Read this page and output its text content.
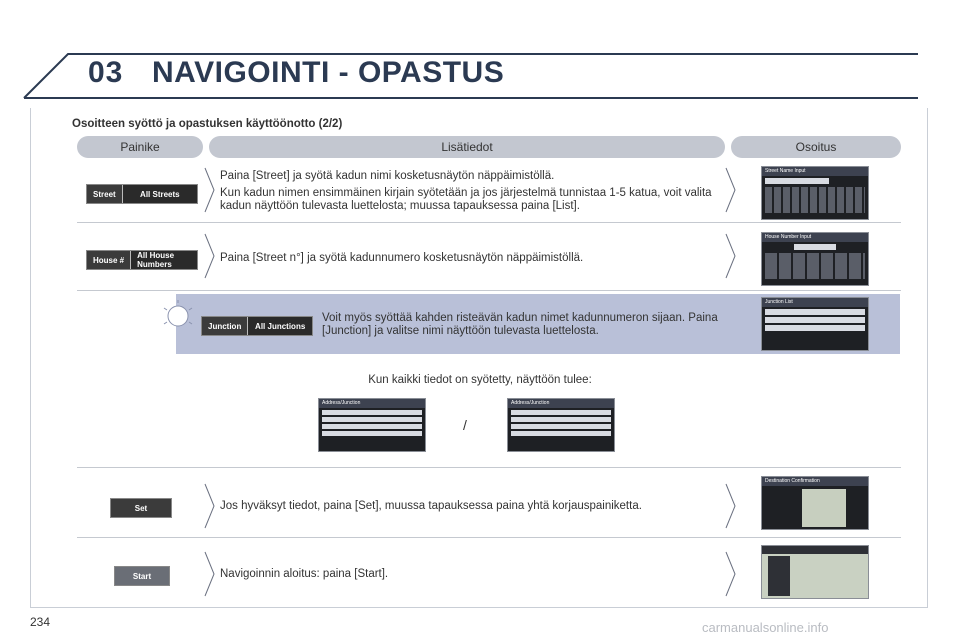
03 NAVIGOINTI - OPASTUS
Osoitteen syöttö ja opastuksen käyttöönotto (2/2)
Painike	Lisätiedot	Osoitus
Street	All Streets

Paina [Street] ja syötä kadun nimi kosketusnäytön näppäimistöllä.

Kun kadun nimen ensimmäinen kirjain syötetään ja jos järjestelmä tunnistaa 1-5 katua, voit valita kadun näyttöön tulevasta luettelosta; muussa tapauksessa paina [List].

Street Name Input
House #	All House Numbers

Paina [Street n°] ja syötä kadunnumero kosketusnäytön näppäimistöllä.

House Number Input
Junction	All Junctions

Voit myös syöttää kahden risteävän kadun nimet kadunnumeron sijaan. Paina [Junction] ja valitse nimi näyttöön tulevasta luettelosta.

Junction List
Kun kaikki tiedot on syötetty, näyttöön tulee:
Address/Junction
/
Address/Junction
Set	Jos hyväksyt tiedot, paina [Set], muussa tapauksessa paina yhtä korjauspainiketta.

Destination Confirmation
Start	Navigoinnin aloitus: paina [Start].

234	carmanualsonline.info
